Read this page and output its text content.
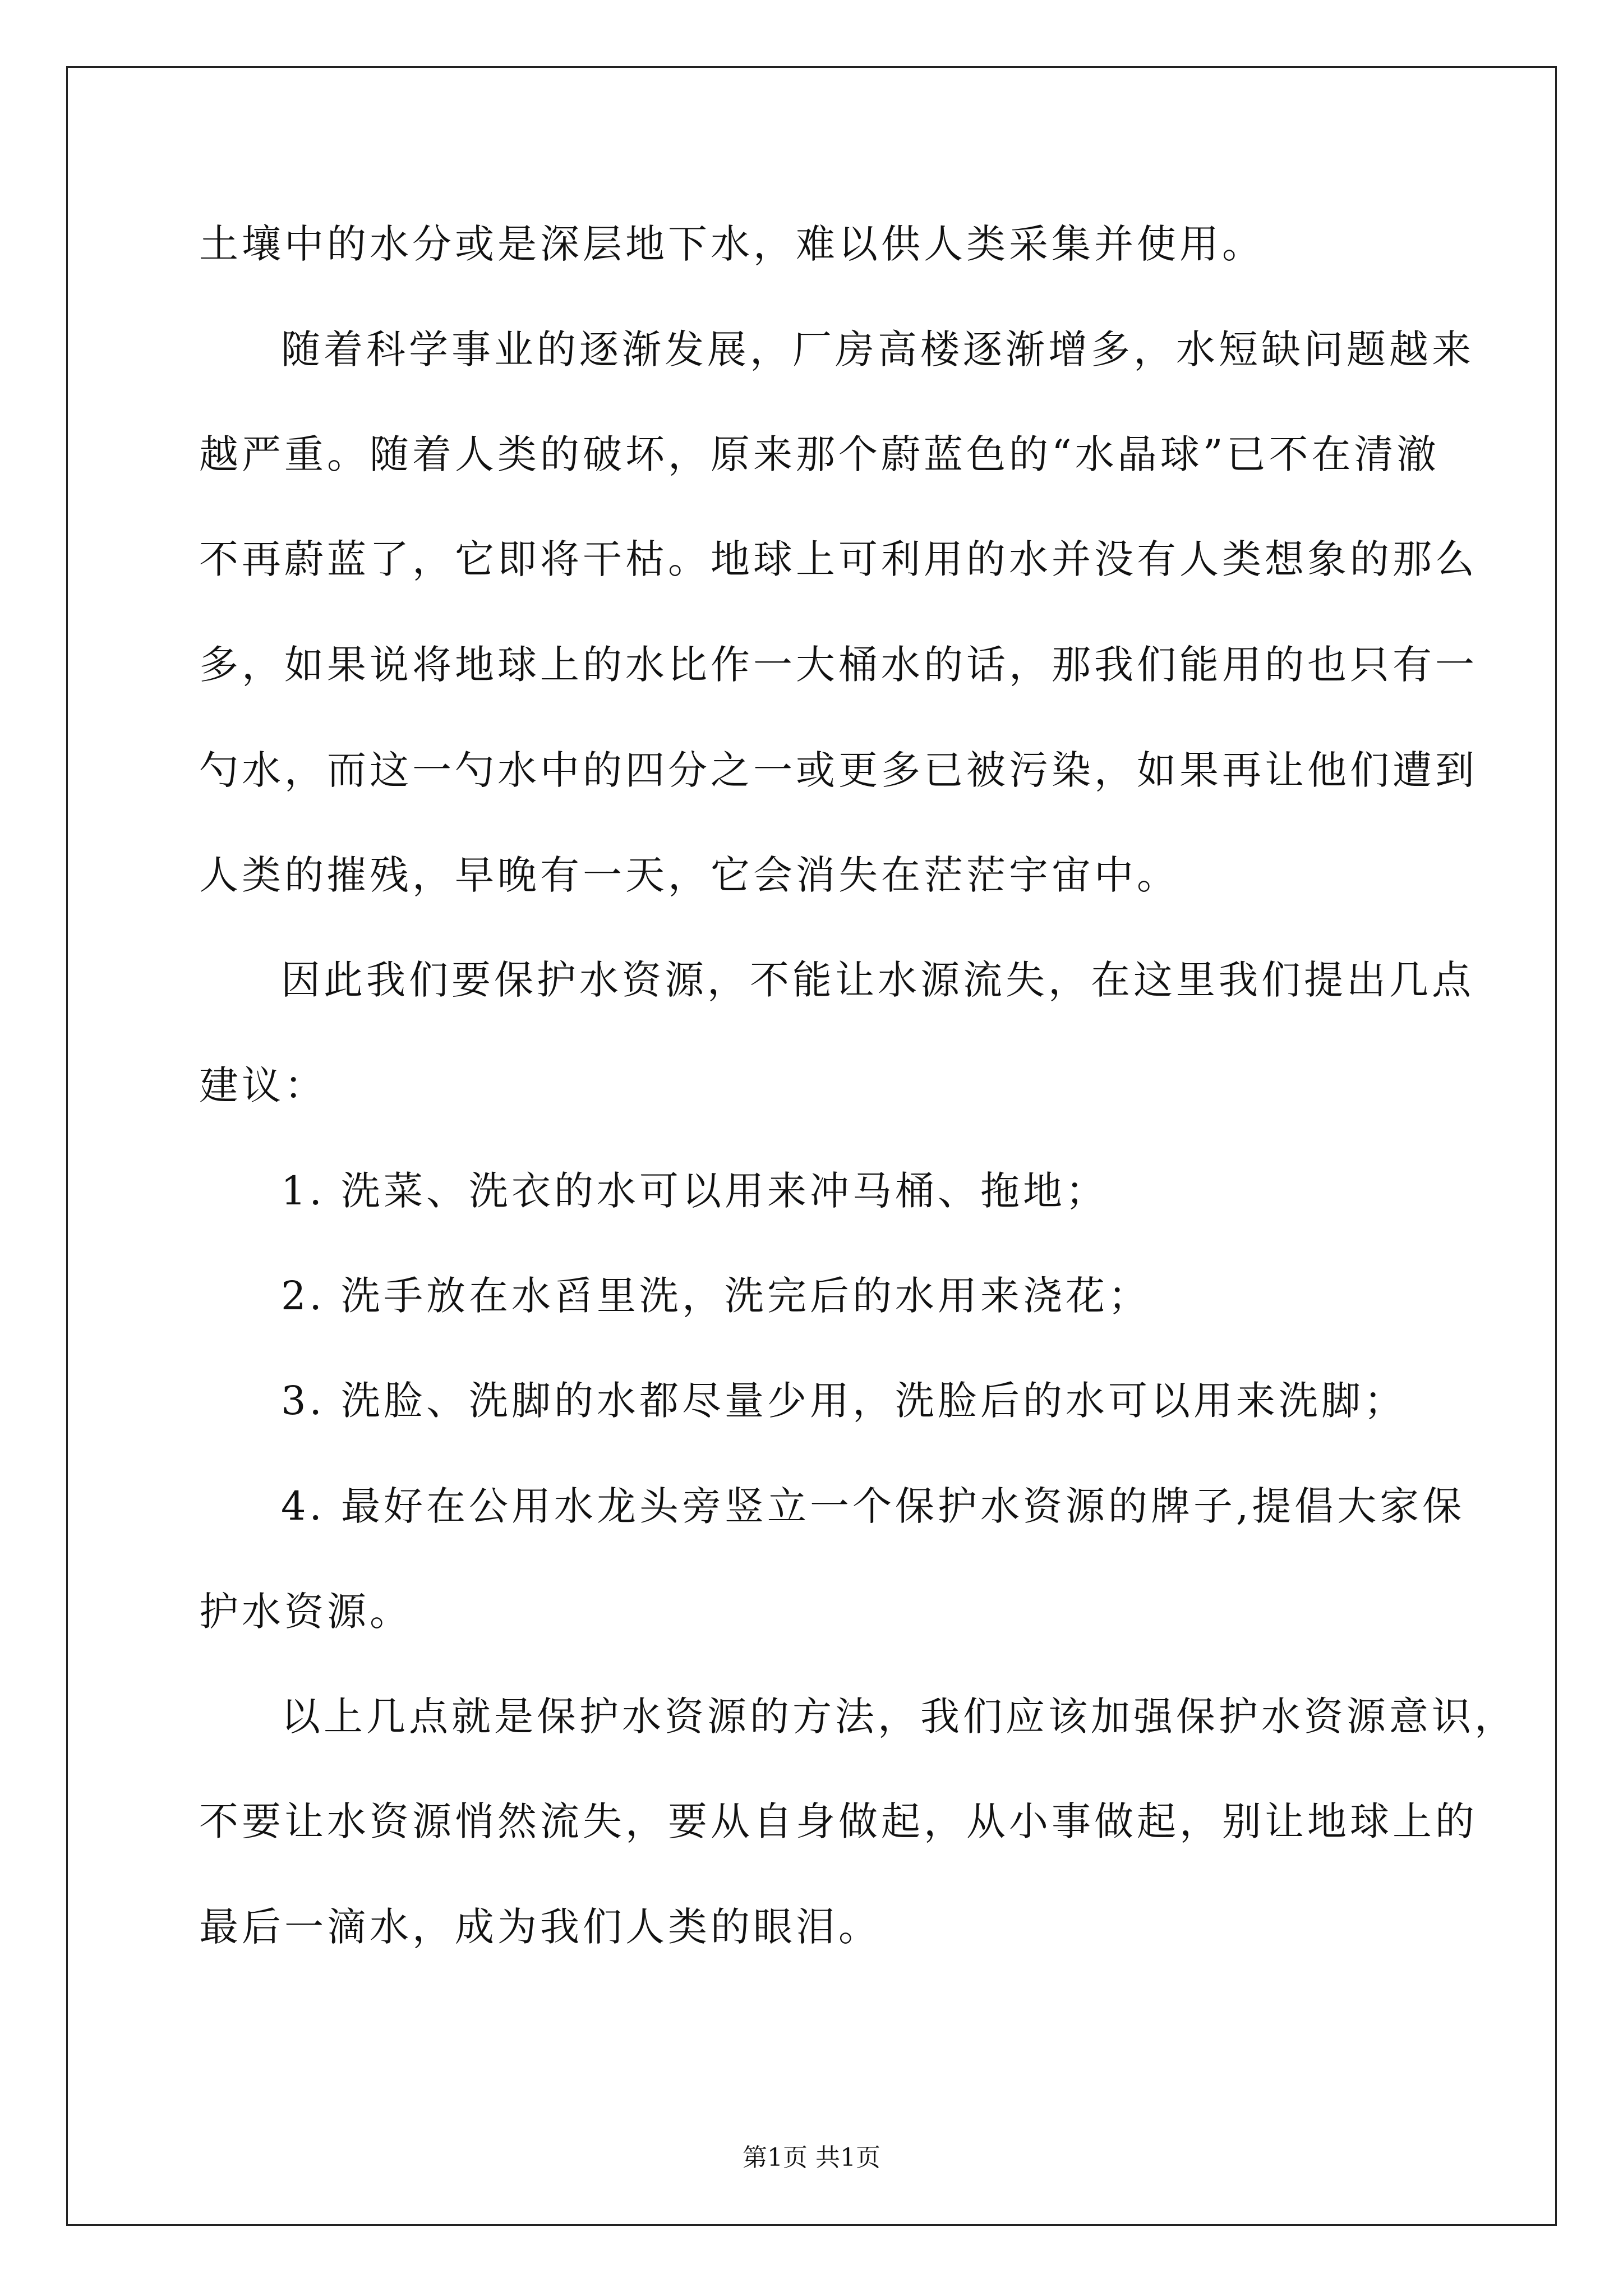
土壤中的水分或是深层地下水，难以供人类采集并使用。
随着科学事业的逐渐发展，厂房高楼逐渐增多，水短缺问题越来
越严重。随着人类的破坏，原来那个蔚蓝色的“水晶球”已不在清澈
不再蔚蓝了，它即将干枯。地球上可利用的水并没有人类想象的那么
多，如果说将地球上的水比作一大桶水的话，那我们能用的也只有一
勺水，而这一勺水中的四分之一或更多已被污染，如果再让他们遭到
人类的摧残，早晚有一天，它会消失在茫茫宇宙中。
因此我们要保护水资源，不能让水源流失，在这里我们提出几点
建议：
1. 洗菜、洗衣的水可以用来冲马桶、拖地；
2. 洗手放在水舀里洗，洗完后的水用来浇花；
3. 洗脸、洗脚的水都尽量少用，洗脸后的水可以用来洗脚；
4. 最好在公用水龙头旁竖立一个保护水资源的牌子,提倡大家保
护水资源。
以上几点就是保护水资源的方法，我们应该加强保护水资源意识，
不要让水资源悄然流失，要从自身做起，从小事做起，别让地球上的
最后一滴水，成为我们人类的眼泪。
第1页 共1页
